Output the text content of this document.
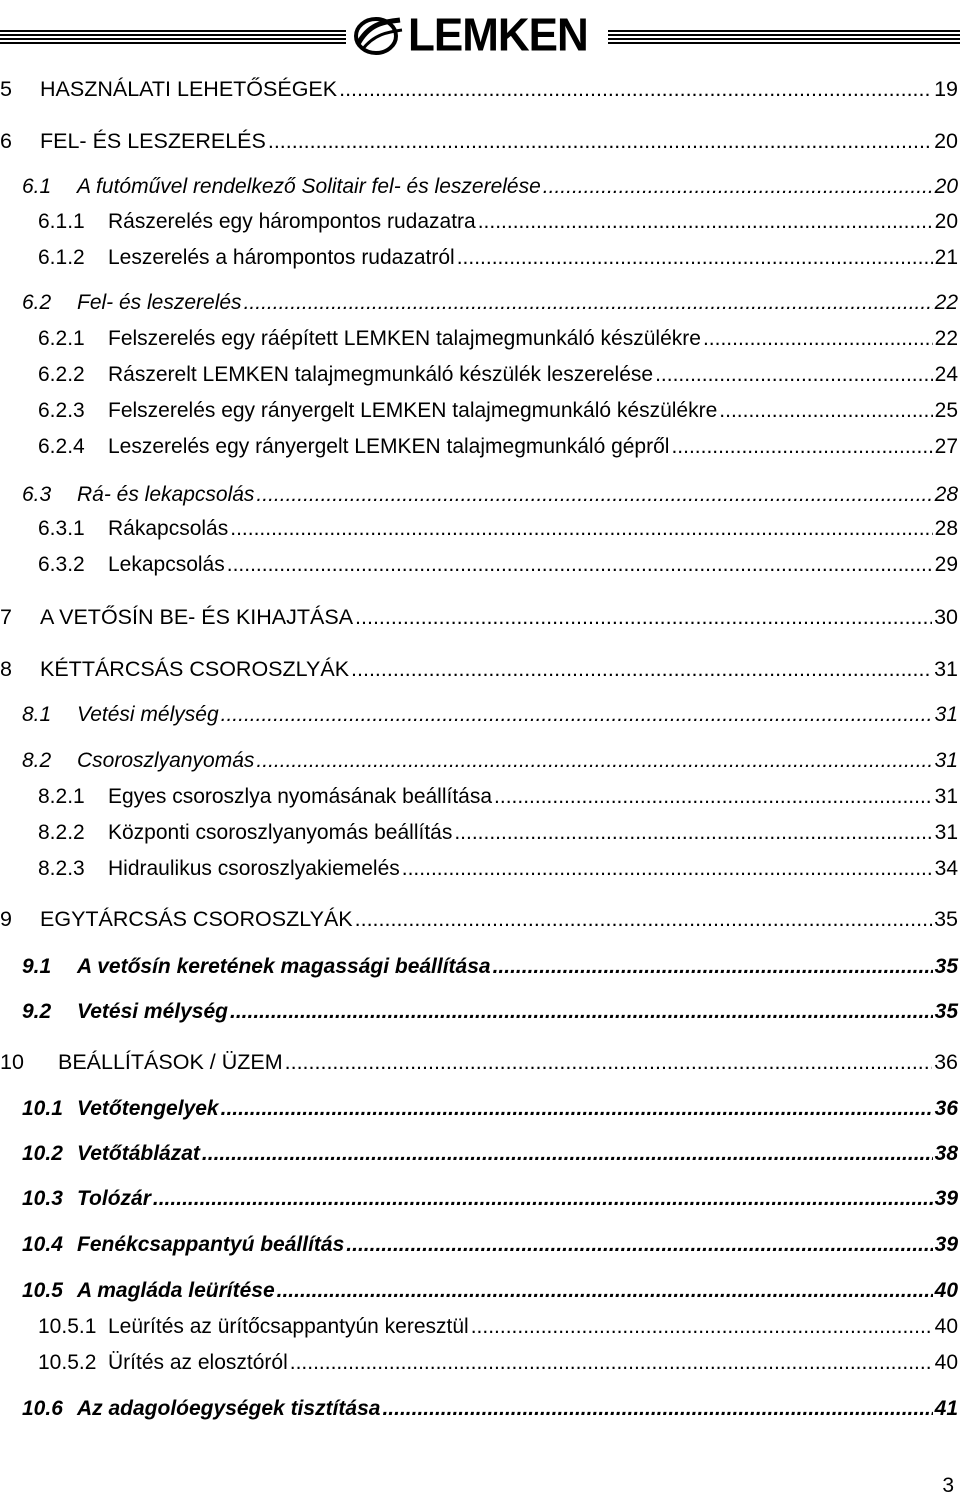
LEMKEN
5	HASZNÁLATI LEHETŐSÉGEK .....	19
6	FEL- ÉS LESZERELÉS .....	20
6.1	A futóművel rendelkező Solitair fel- és leszerelése .....	20
6.1.1	Rászerelés egy hárompontos rudazatra .....	20
6.1.2	Leszerelés a hárompontos rudazatról .....	21
6.2	Fel- és leszerelés .....	22
6.2.1	Felszerelés egy ráépített LEMKEN talajmegmunkáló készülékre .....	22
6.2.2	Rászerelt LEMKEN talajmegmunkáló készülék leszerelése .....	24
6.2.3	Felszerelés egy rányergelt LEMKEN talajmegmunkáló készülékre .....	25
6.2.4	Leszerelés egy rányergelt LEMKEN talajmegmunkáló gépről .....	27
6.3	Rá- és lekapcsolás .....	28
6.3.1	Rákapcsolás .....	28
6.3.2	Lekapcsolás .....	29
7	A VETŐSÍN BE- ÉS KIHAJTÁSA .....	30
8	KÉTTÁRCSÁS CSOROSZLYÁK .....	31
8.1	Vetési mélység .....	31
8.2	Csoroszlyanyomás .....	31
8.2.1	Egyes csoroszlya nyomásának beállítása .....	31
8.2.2	Központi csoroszlyanyomás beállítás .....	31
8.2.3	Hidraulikus csoroszlyakiemelés .....	34
9	EGYTÁRCSÁS CSOROSZLYÁK .....	35
9.1	A vetősín keretének magassági beállítása .....	35
9.2	Vetési mélység .....	35
10	BEÁLLÍTÁSOK / ÜZEM .....	36
10.1 Vetőtengelyek .....	36
10.2 Vetőtáblázat .....	38
10.3 Tolózár .....	39
10.4 Fenékcsappantyú beállítás .....	39
10.5 A magláda leürítése .....	40
10.5.1 Leürítés az ürítőcsappantyún keresztül .....	40
10.5.2 Ürítés az elosztóról .....	40
10.6 Az adagolóegységek tisztítása .....	41
3
